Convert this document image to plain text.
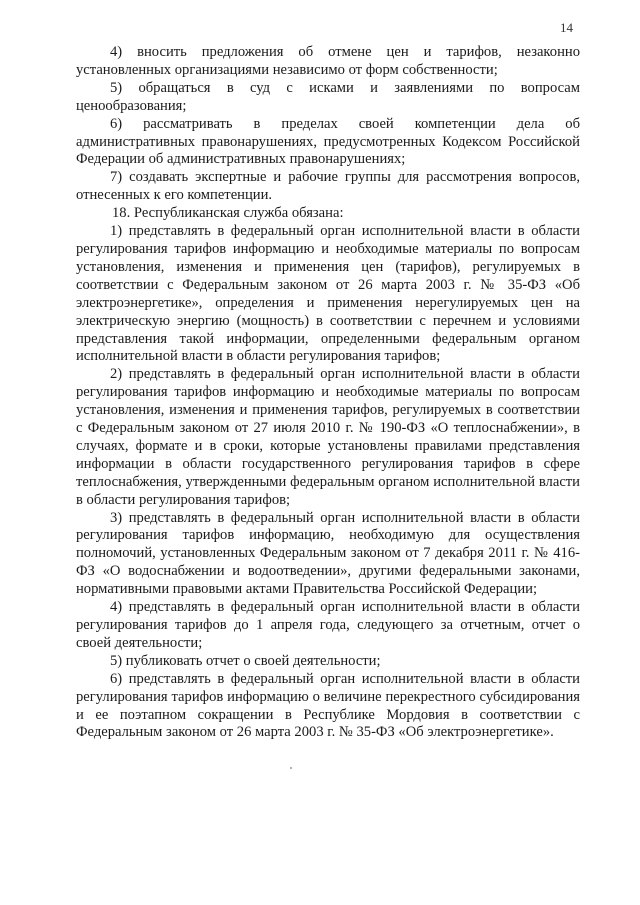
14

4) вносить предложения об отмене цен и тарифов, незаконно установленных организациями независимо от форм собственности;

5) обращаться в суд с исками и заявлениями по вопросам ценообразования;

6) рассматривать в пределах своей компетенции дела об административных правонарушениях, предусмотренных Кодексом Российской Федерации об административных правонарушениях;

7) создавать экспертные и рабочие группы для рассмотрения вопросов, отнесенных к его компетенции.

18. Республиканская служба обязана:

1) представлять в федеральный орган исполнительной власти в области регулирования тарифов информацию и необходимые материалы по вопросам установления, изменения и применения цен (тарифов), регулируемых в соответствии с Федеральным законом от 26 марта 2003 г. № 35-ФЗ «Об электроэнергетике», определения и применения нерегулируемых цен на электрическую энергию (мощность) в соответствии с перечнем и условиями представления такой информации, определенными федеральным органом исполнительной власти в области регулирования тарифов;

2) представлять в федеральный орган исполнительной власти в области регулирования тарифов информацию и необходимые материалы по вопросам установления, изменения и применения тарифов, регулируемых в соответствии с Федеральным законом от 27 июля 2010 г. № 190-ФЗ «О теплоснабжении», в случаях, формате и в сроки, которые установлены правилами представления информации в области государственного регулирования тарифов в сфере теплоснабжения, утвержденными федеральным органом исполнительной власти в области регулирования тарифов;

3) представлять в федеральный орган исполнительной власти в области регулирования тарифов информацию, необходимую для осуществления полномочий, установленных Федеральным законом от 7 декабря 2011 г. № 416-ФЗ «О водоснабжении и водоотведении», другими федеральными законами, нормативными правовыми актами Правительства Российской Федерации;

4) представлять в федеральный орган исполнительной власти в области регулирования тарифов до 1 апреля года, следующего за отчетным, отчет о своей деятельности;

5) публиковать отчет о своей деятельности;

6) представлять в федеральный орган исполнительной власти в области регулирования тарифов информацию о величине перекрестного субсидирования и ее поэтапном сокращении в Республике Мордовия в соответствии с Федеральным законом от 26 марта 2003 г. № 35-ФЗ «Об электроэнергетике».
